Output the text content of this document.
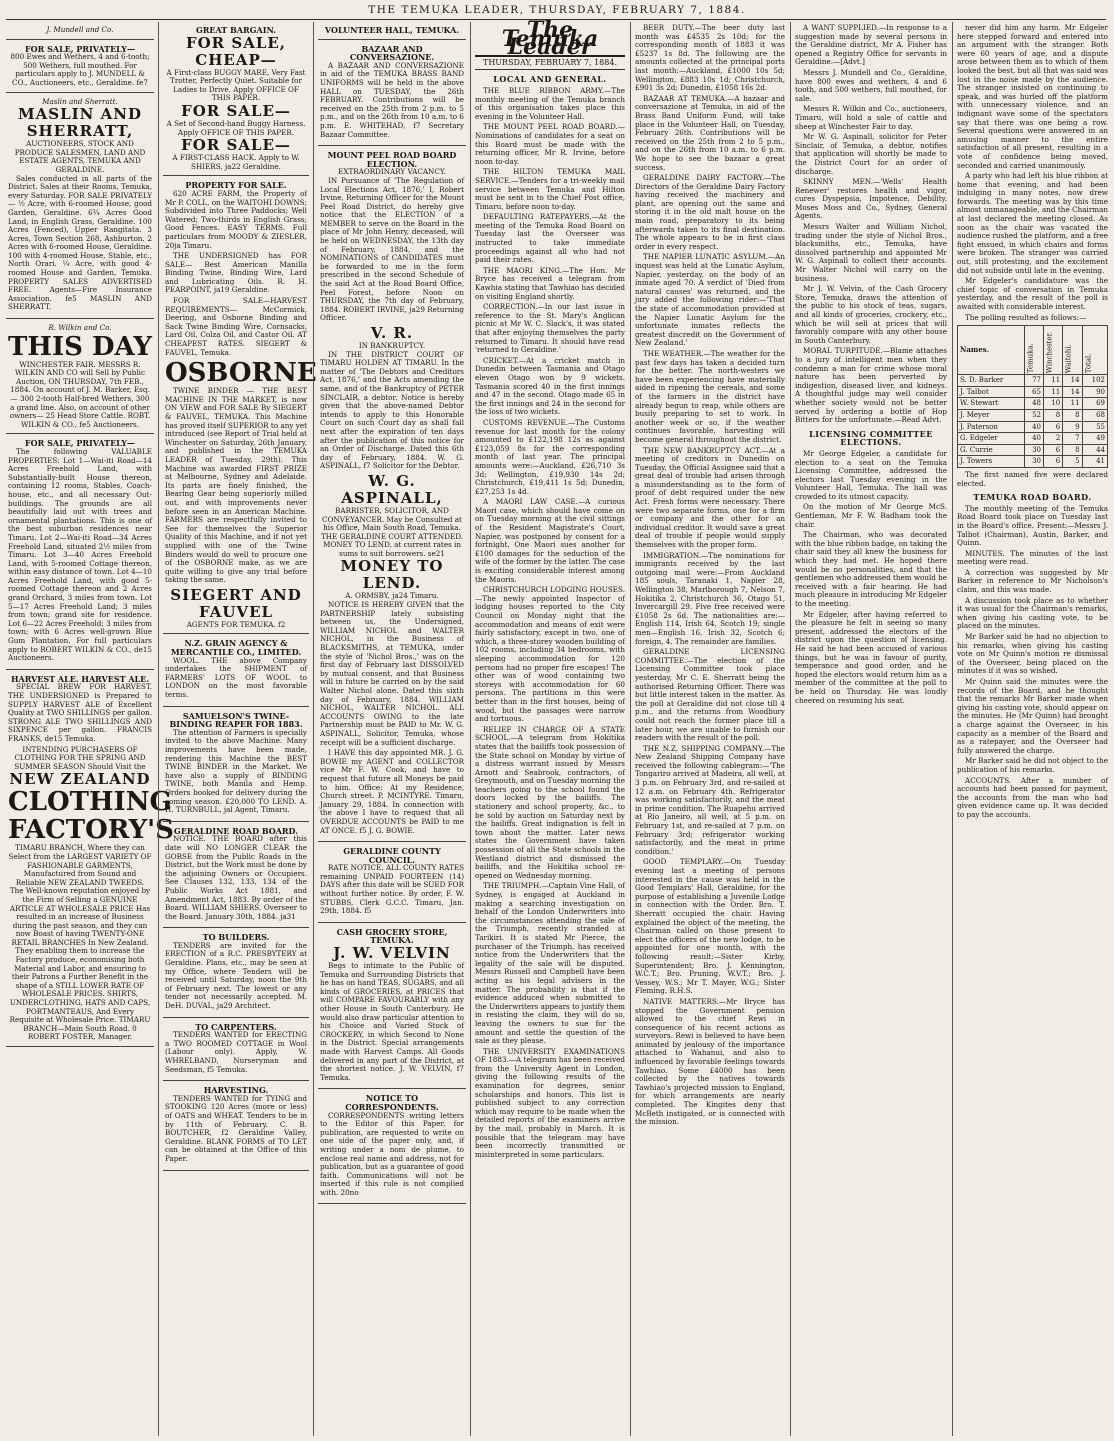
THE TEMUKA LEADER, THURSDAY, FEBRUARY 7, 1884.
J. Mundell and Co.
FOR SALE, PRIVATELY—
800 Ewes and Wethers, 4 and 6-tooth; 500 Wethers, full mouthed. For particulars apply to J. MUNDELL & CO., Auctioneers, etc., Geraldine. fe7
Maslin and Sherratt.
MASLIN AND SHERRATT,
AUCTIONEERS, STOCK AND PRODUCE SALESMEN, LAND AND ESTATE AGENTS, TEMUKA AND GERALDINE.
Sales conducted in all parts of the District. Sales at their Rooms, Temuka, every Saturday. FOR SALE PRIVATELY— ½ Acre, with 6-roomed House, good Garden, Geraldine. 6¾ Acres Good Land, in English Grass, Geraldine. 100 Acres (Fenced), Upper Rangitata. 3 Acres, Town Section 268, Ashburton. 2 Acres with 6-roomed House, Geraldine. 100 with 4-roomed House, Stable, etc., North Orari. ¼ Acre, with good 4-roomed House and Garden, Temuka. PROPERTY SALES ADVERTISED FREE. Agents—Fire Insurance Association. fe5 MASLIN AND SHERRATT.
R. Wilkin and Co.
THIS DAY
WINCHESTER FAIR. MESSRS R. WILKIN AND CO will Sell by Public Auction, ON THURSDAY, 7th FEB., 1884. On account of J. M. Barker, Esq.— 300 2-tooth Half-bred Wethers, 300 a grand line. Also, on account of other owners— 25 Head Store Cattle. ROBT. WILKIN & CO., fe5 Auctioneers.
FOR SALE, PRIVATELY—
The following VALUABLE PROPERTIES: Lot 1—Wai-iti Road—14 Acres Freehold Land, with Substantially-built House thereon, containing 12 rooms, Stables, Coach-house, etc., and all necessary Out-buildings. The grounds are all beautifully laid out with trees and ornamental plantations. This is one of the best suburban residences near Timaru. Lot 2—Wai-iti Road—34 Acres Freehold Land, situated 2½ miles from Timaru. Lot 3—40 Acres Freehold Land, with 5-roomed Cottage thereon, within easy distance of town. Lot 4—10 Acres Freehold Land, with good 5-roomed Cottage thereon and 2 Acres grand Orchard, 3 miles from town. Lot 5—17 Acres Freehold Land; 3 miles from town; grand site for residence. Lot 6—22 Acres Freehold; 3 miles from town; with 6 Acres well-grown Blue Gum Plantation. For full particulars apply to ROBERT WILKIN & CO., de15 Auctioneers.
HARVEST ALE. HARVEST ALE.
SPECIAL BREW FOR HARVEST. THE UNDERSIGNED is Prepared to SUPPLY HARVEST ALE of Excellent Quality at TWO SHILLINGS per gallon. STRONG ALE TWO SHILLINGS AND SIXPENCE per gallon. FRANCIS FRANKS, de15 Temuka.
INTENDING PURCHASERS OF CLOTHING FOR THE SPRING AND SUMMER SEASON Should Visit the
NEW ZEALAND
CLOTHING FACTORY'S
TIMARU BRANCH, Where they can Select from the LARGEST VARIETY OF FASHIONABLE GARMENTS, Manufactured from Sound and Reliable NEW ZEALAND TWEEDS. The Well-known reputation enjoyed by the Firm of Selling a GENUINE ARTICLE AT WHOLESALE PRICE Has resulted in an increase of Business during the past season, and they can now Boast of having TWENTY-ONE RETAIL BRANCHES In New Zealand. They enabling them to increase the Factory produce, economising both Material and Labor, and ensuring to their Patrons a Further Benefit in the shape of a STILL LOWER RATE OF WHOLESALE PRICES. SHIRTS, UNDERCLOTHING, HATS AND CAPS, PORTMANTEAUS, And Every Requisite at Wholesale Price. TIMARU BRANCH—Main South Road. 0 ROBERT FOSTER, Manager.
GREAT BARGAIN.
FOR SALE, CHEAP—
A First-class BUGGY MARE, Very Fast Trotter, Perfectly Quiet. Suitable for Ladies to Drive. Apply OFFICE OF THIS PAPER.
FOR SALE—
A Set of Second-hand Buggy Harness. Apply OFFICE OF THIS PAPER.
FOR SALE—
A FIRST-CLASS HACK. Apply to W. SHIERS, ja22 Geraldine.
PROPERTY FOR SALE.
620 ACRE FARM, the Property of Mr P. COLL, on the WAITOHI DOWNS; Subdivided into Three Paddocks; Well Watered; Two-thirds in English Grass; Good Fences. EASY TERMS. Full particulars from MOODY & ZIESLER, 20ja Timaru.
THE UNDERSIGNED has FOR SALE— Best American Manilla Binding Twine, Binding Wire, Lard and Lubricating Oils. R. H. PEARPOINT, ja19 Geraldine.
FOR SALE—HARVEST REQUIREMENTS— McCormick, Deering, and Osborne Binding and Sack Twine Binding Wire, Cornsacks, Lard Oil, Colza Oil, and Castor Oil. AT CHEAPEST RATES. SIEGERT & FAUVEL, Temuka.
OSBORNE
TWINE BINDER — THE BEST MACHINE IN THE MARKET, is now ON VIEW and FOR SALE By SIEGERT & FAUVEL, TEMUKA. This Machine has proved itself SUPERIOR to any yet introduced (see Report of Trial held at Winchester on Saturday, 26th January, and published in the TEMUKA LEADER of Tuesday, 29th). This Machine was awarded FIRST PRIZE at Melbourne, Sydney and Adelaide. Its parts are finely finished, the Bearing Gear being superiorly milled out, and with improvements never before seen in an American Machine. FARMERS are respectfully invited to See for themselves the Superior Quality of this Machine, and if not yet supplied with one of the Twine Binders would do well to procure one of the OSBORNE make, as we are quite willing to give any trial before taking the same.
SIEGERT AND FAUVEL
AGENTS FOR TEMUKA. f2
N.Z. GRAIN AGENCY & MERCANTILE CO., LIMITED.
WOOL. THE above Company undertakes the SHIPMENT of FARMERS' LOTS OF WOOL to LONDON on the most favorable terms.
SAMUELSON'S TWINE-BINDING REAPER FOR 1883.
The attention of Farmers is specially invited to the above Machine. Many improvements have been made, rendering this Machine the BEST TWINE BINDER in the Market. We have also a supply of BINDING TWINE, both Manila and Hemp. Orders booked for delivery during the coming season. £20,000 TO LEND. A. H. TURNBULL, jal Agent, Timaru.
GERALDINE ROAD BOARD.
NOTICE. THE BOARD after this date will NO LONGER CLEAR the GORSE from the Public Roads in the District, but the Work must be done by the adjoining Owners or Occupiers. See Clauses 132, 133, 134 of the Public Works Act 1881, and Amendment Act, 1883. By order of the Board. WILLIAM SHIERS, Overseer to the Board. January 30th, 1884. ja31
TO BUILDERS.
TENDERS are invited for the ERECTION of a R.C. PRESBYTERY at Geraldine. Plans, etc., may be seen at my Office, where Tenders will be received until Saturday, noon the 9th of February next. The lowest or any tender not necessarily accepted. M. DeH. DUVAL, ja29 Architect.
TO CARPENTERS.
TENDERS WANTED for ERECTING a TWO ROOMED COTTAGE in Wool (Labour only). Apply, W. WHRELBAND, Nurseryman and Seedsman, f5 Temuka.
HARVESTING.
TENDERS WANTED for TYING and STOOKING 120 Acres (more or less) of OATS and WHEAT. Tenders to be in by 11th of February. C. B. BOUTCHER, f2 Geraldine Valley, Geraldine. BLANK FORMS of TO LET can be obtained at the Office of this Paper.
VOLUNTEER HALL, TEMUKA.
BAZAAR AND CONVERSAZIONE.
A BAZAAR AND CONVERSAZIONE in aid of the TEMUKA BRASS BAND UNIFORMS will be held in the above HALL on TUESDAY, the 26th FEBRUARY. Contributions will be received on the 25th from 2 p.m. to 5 p.m., and on the 26th from 10 a.m. to 6 p.m. E. WHITEHAD, f7 Secretary Bazaar Committee.
MOUNT PEEL ROAD BOARD ELECTION.
EXTRAORDINARY VACANCY.
IN Pursuance of 'The Regulation of Local Elections Act, 1876,' I, Robert Irvine, Returning Officer for the Mount Peel Road District, do hereby give notice that the ELECTION of a MEMBER to serve on the Board in the place of Mr John Henry, deceased, will be held on WEDNESDAY, the 13th day of February, 1884, and the NOMINATIONS of CANDIDATES must be forwarded to me in the form prescribed in the second Schedule of the said Act at the Road Board Office, Peel Forest, before Noon on THURSDAY, the 7th day of February, 1884. ROBERT IRVINE, ja29 Returning Officer.
V. R.
IN BANKRUPTCY.
IN THE DISTRICT COURT OF TIMARU HOLDEN AT TIMARU. In the matter of 'The Debtors and Creditors Act, 1876,' and the Acts amending the same, and of the Bankruptcy of PETER SINCLAIR, a debtor. Notice is hereby given that the above-named Debtor intends to apply to this Honorable Court on such Court day as shall fall next after the expiration of ten days after the publication of this notice for an Order of Discharge. Dated this 6th day of February, 1884. W. G. ASPINALL, f7 Solicitor for the Debtor.
W. G. ASPINALL,
BARRISTER, SOLICITOR, AND CONVEYANCER. May be Consulted at his Office, Main South Road, Temuka. THE GERALDINE COURT ATTENDED. MONEY TO LEND, at current rates in sums to suit borrowers. se21
MONEY TO LEND.
A. ORMSBY, ja24 Timaru.
NOTICE IS HEREBY GIVEN that the PARTNERSHIP lately subsisting between us, the Undersigned, WILLIAM NICHOL and WALTER NICHOL, in the Business of BLACKSMITHS, at TEMUKA, under the style of 'Nichol Bros.,' was on the first day of February last DISSOLVED by mutual consent, and that Business will in future be carried on by the said Walter Nichol alone. Dated this sixth day of February, 1884. WILLIAM NICHOL, WALTER NICHOL. ALL ACCOUNTS OWING to the late Partnership must be PAID to Mr. W. G. ASPINALL, Solicitor, Temuka, whose receipt will be a sufficient discharge.
I HAVE this day appointed MR. J. G. BOWIE my AGENT and COLLECTOR vice Mr F. W. Cook, and have to request that future all Moneys be paid to him. Office: At my Residence, Church street. P. MCINTYRE. Timaru, January 29, 1884. In connection with the above I have to request that all OVERDUE ACCOUNTS be PAID to me AT ONCE. f5 J. G. BOWIE.
GERALDINE COUNTY COUNCIL.
RATE NOTICE. ALL COUNTY RATES remaining UNPAID FOURTEEN (14) DAYS after this date will be SUED FOR without further notice. By order, F. W. STUBBS, Clerk G.C.C. Timaru, Jan. 29th, 1884. f5
CASH GROCERY STORE, TEMUKA.
J. W. VELVIN
Begs to intimate to the Public of Temuka and Surrounding Districts that he has on hand TEAS, SUGARS, and all kinds of GROCERIES, at PRICES that will COMPARE FAVOURABLY with any other House in South Canterbury. He would also draw particular attention to his Choice and Varied Stock of CROCKERY, in which Second to None in the District. Special arrangements made with Harvest Camps. All Goods delivered in any part of the District, at the shortest notice. J. W. VELVIN, f7 Temuka.
NOTICE TO CORRESPONDENTS.
CORRESPONDENTS writing letters to the Editor of this Paper, for publication, are requested to write on one side of the paper only, and, if writing under a nom de plume, to enclose real name and address, not for publication, but as a guarantee of good faith. Communications will not be inserted if this rule is not complied with. 20no
The Temuka Leader
THURSDAY, FEBRUARY 7, 1884.
LOCAL AND GENERAL.
THE BLUE RIBBON ARMY.—The monthly meeting of the Temuka branch of this organisation takes place this evening in the Volunteer Hall.
THE MOUNT PEEL ROAD BOARD.—Nominations of candidates for a seat on this Board must be made with the returning officer, Mr R. Irvine, before noon to-day.
THE HILTON TEMUKA MAIL SERVICE.—Tenders for a tri-weekly mail service between Temuka and Hilton must be sent in to the Chief Post office, Timaru, before noon to-day.
DEFAULTING RATEPAYERS.—At the meeting of the Temuka Road Board on Tuesday last the Overseer was instructed to take immediate proceedings against all who had not paid their rates.
THE MAORI KING.—The Hon. Mr Bryce has received a telegram from Kawhia stating that Tawhiao has decided on visiting England shortly.
CORRECTION.—In our last issue in reference to the St. Mary's Anglican picnic at Mr W. C. Slack's, it was stated that after enjoying themselves the party returned to Timaru. It should have read 'returned to Geraldine.'
CRICKET.—At a cricket match in Dunedin between Tasmania and Otago eleven Otago won by 9 wickets. Tasmania scored 40 in the first innings and 47 in the second. Otago made 65 in the first innings and 24 in the second for the loss of two wickets.
CUSTOMS REVENUE.—The Customs revenue for last month for the colony amounted to £122,198 12s as against £123,059 8s for the corresponding month of last year. The principal amounts were:—Auckland, £26,710 3s 3d; Wellington, £19,930 14s 2d; Christchurch, £19,411 1s 5d; Dunedin, £27,253 1s 4d.
A MAORI LAW CASE.—A curious Maori case, which should have come on on Tuesday morning at the civil sittings of the Resident Magistrate's Court, Napier, was postponed by consent for a fortnight. One Maori sues another for £100 damages for the seduction of the wife of the former by the latter. The case is exciting considerable interest among the Maoris.
CHRISTCHURCH LODGING HOUSES.—The newly appointed Inspector of lodging houses reported to the City Council on Monday night that the accommodation and means of exit were fairly satisfactory, except in two, one of which, a three-storey wooden building of 102 rooms, including 34 bedrooms, with sleeping accommodation for 120 persons had no proper fire escapes! The other was of wood containing two storeys with accommodation for 60 persons. The partitions in this were better than in the first houses, being of wood, but the passages were narrow and tortuous.
RELIEF IN CHARGE OF A STATE SCHOOL.—A telegram from Hokitika states that the bailiffs took possession of the State school on Monday by virtue of a distress warrant issued by Messrs Arnott and Seabrook, contractors, of Greymouth, and on Tuesday morning the teachers going to the school found the doors locked by the bailiffs. The stationery and school property, &c., to be sold by auction on Saturday next by the bailiffs. Great indignation is felt in town about the matter. Later news states the Government have taken possession of all the State schools in the Westland district and dismissed the bailiffs, and the Hokitika school re-opened on Wednesday morning.
THE TRIUMPH.—Captain Vine Hall, of Sydney, is engaged at Auckland in making a searching investigation on behalf of the London Underwriters into the circumstances attending the sale of the Triumph, recently stranded at Tarikiri. It is stated Mr Pierce, the purchaser of the Triumph, has received notice from the Underwriters that the legality of the sale will be disputed. Messrs Russell and Campbell have been acting as his legal advisers in the matter. The probability is that if the evidence adduced when submitted to the Underwriters appears to justify them in resisting the claim, they will do so, leaving the owners to sue for the amount and settle the question of the sale as they please.
THE UNIVERSITY EXAMINATIONS OF 1883.—A telegram has been received from the University Agent in London, giving the following results of the examination for degrees, senior scholarships and honors. This list is published subject to any correction which may require to be made when the detailed reports of the examiners arrive by the mail, probably in March. It is possible that the telegram may have been incorrectly transmitted or misinterpreted in some particulars.
BEER DUTY.—The beer duty last month was £4535 2s 10d; for the corresponding month of 1883 it was £5237 1s 8d. The following are the amounts collected at the principal ports last month:—Auckland, £1000 10s 5d; Wellington, £883 10s 1d; Christchurch, £901 3s 2d; Dunedin, £1058 16s 2d.
BAZAAR AT TEMUKA.—A bazaar and conversazione at Temuka, in aid of the Brass Band Uniform Fund, will take place in the Volunteer Hall, on Tuesday, February 26th. Contributions will be received on the 25th from 2 to 5 p.m., and on the 26th from 10 a.m. to 6 p.m. We hope to see the bazaar a great success.
GERALDINE DAIRY FACTORY.—The Directors of the Geraldine Dairy Factory having received the machinery and plant, are opening out the same and storing it in the old malt house on the main road, preparatory to its being afterwards taken to its final destination. The whole appears to be in first class order in every respect.
THE NAPIER LUNATIC ASYLUM.—An inquest was held at the Lunatic Asylum, Napier, yesterday, on the body of an inmate aged 70. A verdict of 'Died from natural causes' was returned, and the jury added the following rider:—'That the state of accommodation provided at the Napier Lunatic Asylum for the unfortunate inmates reflects the greatest discredit on the Government of New Zealand.'
THE WEATHER.—The weather for the past few days has taken a decided turn for the better. The north-westers we have been experiencing have materially aided in ripening the cereals, and some of the farmers in the district have already begun to reap, while others are busily preparing to set to work. In another week or so, if the weather continues favorable, harvesting will become general throughout the district.
THE NEW BANKRUPTCY ACT.—At a meeting of creditors in Dunedin on Tuesday, the Official Assignee said that a great deal of trouble had arisen through a misunderstanding as to the form of proof of debt required under the new Act. Fresh forms were necessary. There were two separate forms, one for a firm or company and the other for an individual creditor. It would save a great deal of trouble if people would supply themselves with the proper form.
IMMIGRATION.—The nominations for immigrants received by the last outgoing mail were:—From Auckland 185 souls, Taranaki 1, Napier 28, Wellington 38, Marlborough 7, Nelson 7, Hokitika 2, Christchurch 36, Otago 51, Invercargill 29. Five free received were £1058 2s 6d. The nationalities are:—English 114, Irish 64, Scotch 19; single men—English 16, Irish 32, Scotch 6; foreign, 4. The remainder are families.
GERALDINE LICENSING COMMITTEE.—The election of the Licensing Committee took place yesterday, Mr C. E. Sherratt being the authorised Returning Officer. There was but little interest taken in the matter. As the poll at Geraldine did not close till 4 p.m., and the returns from Woodbury could not reach the former place till a later hour, we are unable to furnish our readers with the result of the poll.
THE N.Z. SHIPPING COMPANY.—The New Zealand Shipping Company have received the following cablegram:—'The Tongariro arrived at Madeira, all well, at 3 p.m. on February 3rd, and re-sailed at 12 a.m. on February 4th. Refrigerator was working satisfactorily, and the meat in prime condition. The Ruapehu arrived at Rio Janeiro, all well, at 5 p.m. on February 1st, and re-sailed at 7 p.m. on February 3rd; refrigerator working satisfactorily, and the meat in prime condition.'
GOOD TEMPLARY.—On Tuesday evening last a meeting of persons interested in the cause was held in the Good Templars' Hall, Geraldine, for the purpose of establishing a Juvenile Lodge in connection with the Order. Bro. T. Sherratt occupied the chair. Having explained the object of the meeting, the Chairman called on those present to elect the officers of the new lodge, to be appointed for one month, with the following result:—Sister Kirby, Superintendent; Bro. J. Kennington, W.C.T.; Bro. Pruning, W.V.T.; Bro. J. Vessey, W.S.; Mr T. Mayer, W.G.; Sister Fleming, R.H.S.
NATIVE MATTERS.—Mr Bryce has stopped the Government pension allowed to the chief Rewi in consequence of his recent actions as surveyors. Rewi is believed to have been animated by jealousy of the importance attached to Wahanui, and also to influenced by favorable feelings towards Tawhiao. Some £4000 has been collected by the natives towards Tawhiao's projected mission to England, for which arrangements are nearly completed. The Kingites deny that McBeth instigated, or is connected with the mission.
A WANT SUPPLIED.—In response to a suggestion made by several persons in the Geraldine district, Mr A. Fisher has opened a Registry Office for servants in Geraldine.—[Advt.]
Messrs J. Mundell and Co., Geraldine, have 800 ewes and wethers, 4 and 6 tooth, and 500 wethers, full mouthed, for sale.
Messrs R. Wilkin and Co., auctioneers, Timaru, will hold a sale of cattle and sheep at Winchester Fair to day.
Mr W. G. Aspinall, solicitor for Peter Sinclair, of Temuka, a debtor, notifies that application will shortly be made to the District Court for an order of discharge.
SKINNY MEN.—'Wells' Health Renewer' restores health and vigor, cures Dyspepsia, Impotence, Debility. Moses Moss and Co., Sydney, General Agents.
Messrs Walter and William Nichol, trading under the style of Nichol Bros., blacksmiths, etc., Temuka, have dissolved partnership and appointed Mr W. G. Aspinall to collect their accounts. Mr Walter Nichol will carry on the business.
Mr J. W. Velvin, of the Cash Grocery Store, Temuka, draws the attention of the public to his stock of teas, sugars, and all kinds of groceries, crockery, etc., which he will sell at prices that will favorably compare with any other house in South Canterbury.
MORAL TURPITUDE.—Blame attaches to a jury of intelligent men when they condemn a man for crime whose moral nature has been perverted by indigestion, diseased liver, and kidneys. A thoughtful judge may well consider whether society would not be better served by ordering a bottle of Hop Bitters for the unfortunate.—Read Advt.
LICENSING COMMITTEE ELECTIONS.
Mr George Edgeler, a candidate for election to a seat on the Temuka Licensing Committee, addressed the electors last Tuesday evening in the Volunteer Hall, Temuka. The hall was crowded to its utmost capacity.
On the motion of Mr George McS. Gentleman, Mr F. W. Badham took the chair.
The Chairman, who was decorated with the blue ribbon badge, on taking the chair said they all knew the business for which they had met. He hoped there would be no personalities, and that the gentlemen who addressed them would be received with a fair hearing. He had much pleasure in introducing Mr Edgeler to the meeting.
Mr Edgeler, after having referred to the pleasure he felt in seeing so many present, addressed the electors of the district upon the question of licensing. He said he had been accused of various things, but he was in favour of purity, temperance and good order, and he hoped the electors would return him as a member of the committee at the poll to be held on Thursday. He was loudly cheered on resuming his seat.
never did him any harm. Mr Edgeler here stepped forward and entered into an argument with the stranger. Both were 60 years of age, and a dispute arose between them as to which of them looked the best, but all that was said was lost in the noise made by the audience. The stranger insisted on continuing to speak, and was hurled off the platform with unnecessary violence, and an indignant wave some of the spectators say that there was one being a row. Several questions were answered in an amusing manner to the entire satisfaction of all present, resulting in a vote of confidence being moved, seconded and carried unanimously.
A party who had left his blue ribbon at home that evening, and had been indulging in many notes, now drew forwards. The meeting was by this time almost unmanageable, and the Chairman at last declared the meeting closed. As soon as the chair was vacated the audience rushed the platform, and a free fight ensued, in which chairs and forms were broken. The stranger was carried out, still protesting, and the excitement did not subside until late in the evening.
Mr Edgeler's candidature was the chief topic of conversation in Temuka yesterday, and the result of the poll is awaited with considerable interest.
The polling resulted as follows:—
Names.	Temuka.	Winchester.	Waitohi.	Total.
S. D. Barker	77	11	14	102
J. Talbot	65	11	14	90
W. Stewart	48	10	11	69
J. Meyer	52	8	8	68
J. Paterson	40	6	9	55
G. Edgeler	40	2	7	49
G. Currie	30	6	8	44
J. Towers	30	6	5	41
The first named five were declared elected.
TEMUKA ROAD BOARD.
The monthly meeting of the Temuka Road Board took place on Tuesday last in the Board's office. Present:—Messrs J. Talbot (Chairman), Austin, Barker, and Quinn.
MINUTES. The minutes of the last meeting were read.
A correction was suggested by Mr Barker in reference to Mr Nicholson's claim, and this was made.
A discussion took place as to whether it was usual for the Chairman's remarks, when giving his casting vote, to be placed on the minutes.
Mr Barker said he had no objection to his remarks, when giving his casting vote on Mr Quinn's motion re dismissal of the Overseer, being placed on the minutes if it was so wished.
Mr Quinn said the minutes were the records of the Board, and he thought that the remarks Mr Barker made when giving his casting vote, should appear on the minutes. He (Mr Quinn) had brought a charge against the Overseer, in his capacity as a member of the Board and as a ratepayer, and the Overseer had fully answered the charge.
Mr Barker said he did not object to the publication of his remarks.
ACCOUNTS. After a number of accounts had been passed for payment, the accounts from the man who had given evidence came up. It was decided to pay the accounts.
